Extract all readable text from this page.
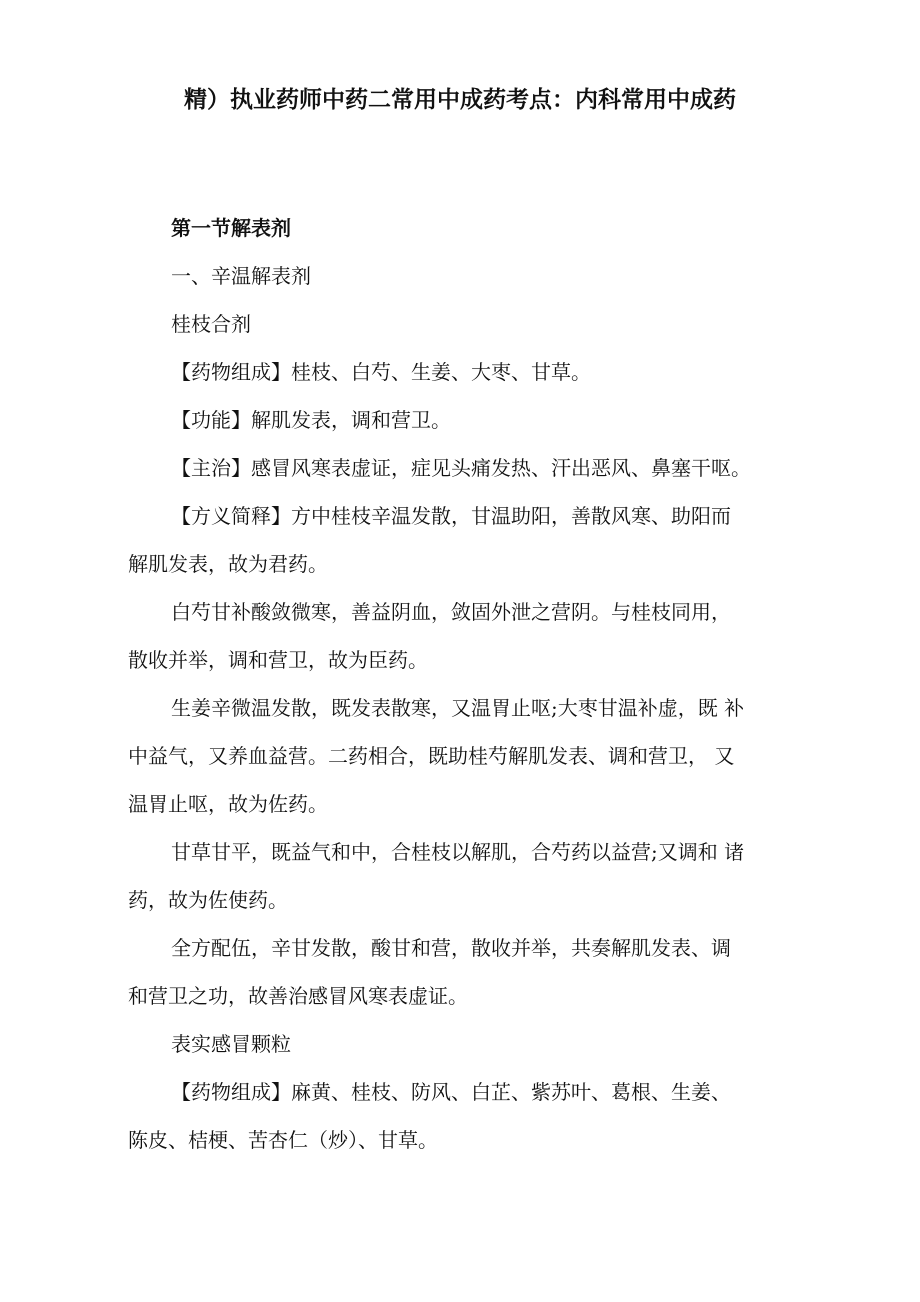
精）执业药师中药二常用中成药考点：内科常用中成药
第一节解表剂
一、辛温解表剂
桂枝合剂
【药物组成】桂枝、白芍、生姜、大枣、甘草。
【功能】解肌发表，调和营卫。
【主治】感冒风寒表虚证，症见头痛发热、汗出恶风、鼻塞干呕。
【方义简释】方中桂枝辛温发散，甘温助阳，善散风寒、助阳而
解肌发表，故为君药。
白芍甘补酸敛微寒，善益阴血，敛固外泄之营阴。与桂枝同用，
散收并举，调和营卫，故为臣药。
生姜辛微温发散，既发表散寒，又温胃止呕;大枣甘温补虚，既 补
中益气，又养血益营。二药相合，既助桂芍解肌发表、调和营卫， 又
温胃止呕，故为佐药。
甘草甘平，既益气和中，合桂枝以解肌，合芍药以益营;又调和 诸
药，故为佐使药。
全方配伍，辛甘发散，酸甘和营，散收并举，共奏解肌发表、调
和营卫之功，故善治感冒风寒表虚证。
表实感冒颗粒
【药物组成】麻黄、桂枝、防风、白芷、紫苏叶、葛根、生姜、
陈皮、桔梗、苦杏仁（炒）、甘草。
